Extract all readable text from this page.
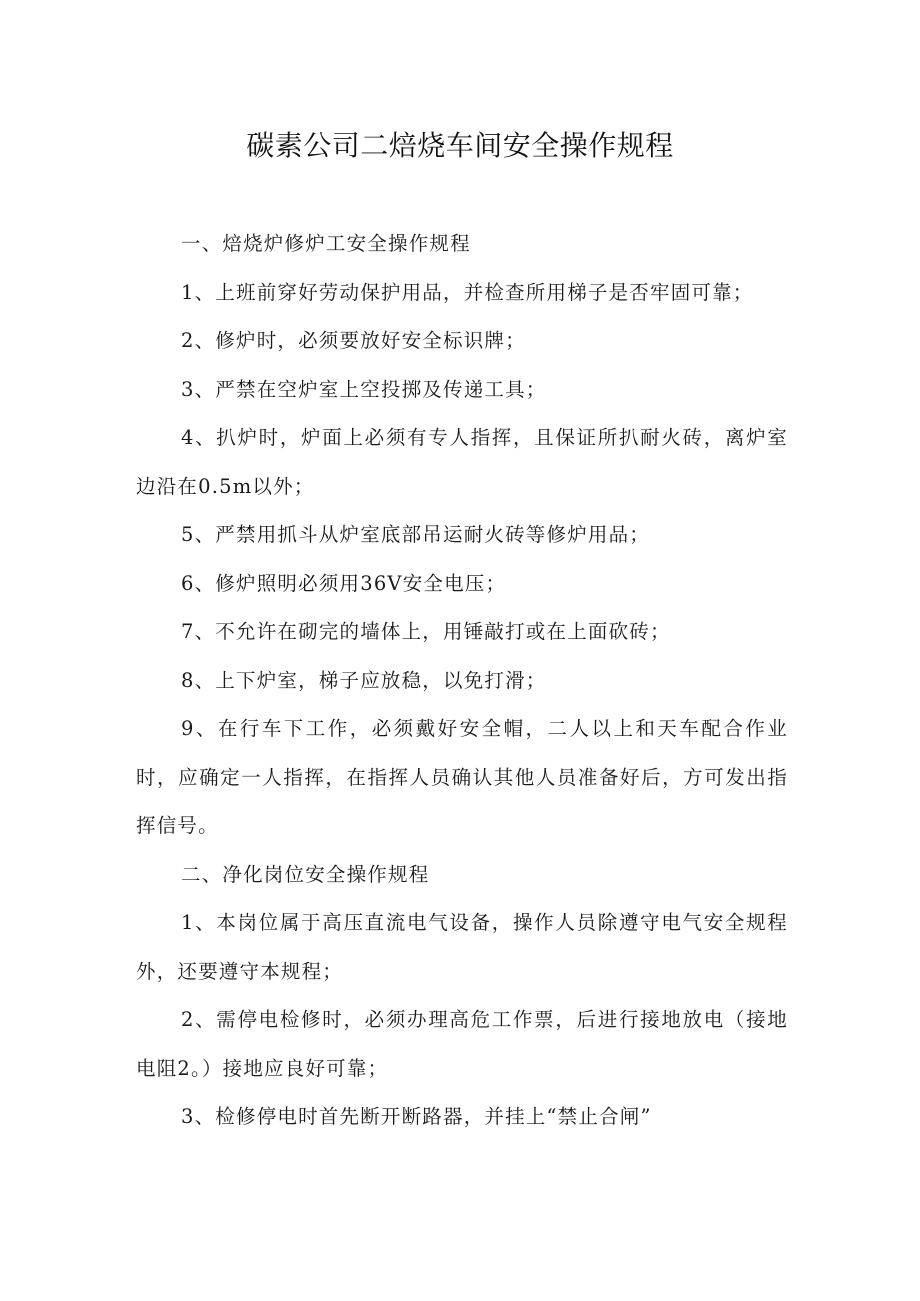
碳素公司二焙烧车间安全操作规程

一、焙烧炉修炉工安全操作规程

1、上班前穿好劳动保护用品，并检查所用梯子是否牢固可靠；

2、修炉时，必须要放好安全标识牌；

3、严禁在空炉室上空投掷及传递工具；

4、扒炉时，炉面上必须有专人指挥，且保证所扒耐火砖，离炉室边沿在0.5m以外；

5、严禁用抓斗从炉室底部吊运耐火砖等修炉用品；

6、修炉照明必须用36V安全电压；

7、不允许在砌完的墙体上，用锤敲打或在上面砍砖；

8、上下炉室，梯子应放稳，以免打滑；

9、在行车下工作，必须戴好安全帽，二人以上和天车配合作业时，应确定一人指挥，在指挥人员确认其他人员准备好后，方可发出指挥信号。

二、净化岗位安全操作规程

1、本岗位属于高压直流电气设备，操作人员除遵守电气安全规程外，还要遵守本规程；

2、需停电检修时，必须办理高危工作票，后进行接地放电（接地电阻2。）接地应良好可靠；

3、检修停电时首先断开断路器，并挂上“禁止合闸”
